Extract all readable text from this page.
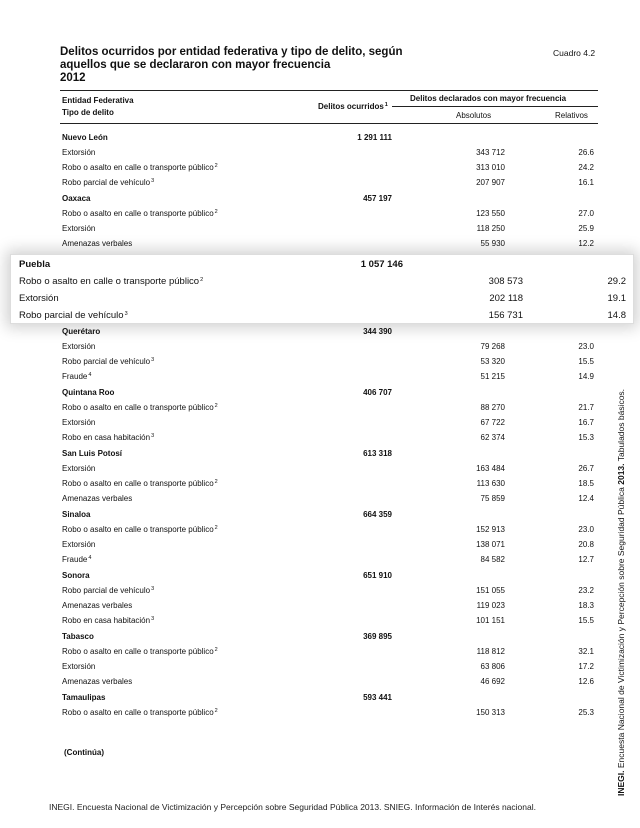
Delitos ocurridos por entidad federativa y tipo de delito, según aquellos que se declararon con mayor frecuencia
2012
Cuadro 4.2
Entidad Federativa
Tipo de delito
Delitos ocurridos$^1$
Delitos declarados con mayor frecuencia
Absolutos	Relativos
Nuevo León	1 291 111
Extorsión	343 712	26.6
Robo o asalto en calle o transporte público$^2$	313 010	24.2
Robo parcial de vehículo$^3$	207 907	16.1
Oaxaca	457 197
Robo o asalto en calle o transporte público$^2$	123 550	27.0
Extorsión	118 250	25.9
Amenazas verbales	55 930	12.2
Puebla	1 057 146
Robo o asalto en calle o transporte público$^2$	308 573	29.2
Extorsión	202 118	19.1
Robo parcial de vehículo$^3$	156 731	14.8
Querétaro	344 390
Extorsión	79 268	23.0
Robo parcial de vehículo$^3$	53 320	15.5
Fraude$^4$	51 215	14.9
Quintana Roo	406 707
Robo o asalto en calle o transporte público$^2$	88 270	21.7
Extorsión	67 722	16.7
Robo en casa habitación$^3$	62 374	15.3
San Luis Potosí	613 318
Extorsión	163 484	26.7
Robo o asalto en calle o transporte público$^2$	113 630	18.5
Amenazas verbales	75 859	12.4
Sinaloa	664 359
Robo o asalto en calle o transporte público$^2$	152 913	23.0
Extorsión	138 071	20.8
Fraude$^4$	84 582	12.7
Sonora	651 910
Robo parcial de vehículo$^3$	151 055	23.2
Amenazas verbales	119 023	18.3
Robo en casa habitación$^3$	101 151	15.5
Tabasco	369 895
Robo o asalto en calle o transporte público$^2$	118 812	32.1
Extorsión	63 806	17.2
Amenazas verbales	46 692	12.6
Tamaulipas	593 441
Robo o asalto en calle o transporte público$^2$	150 313	25.3
(Continúa)
INEGI. Encuesta Nacional de Victimización y Percepción sobre Seguridad Pública 2013. SNIEG. Información de Interés nacional.
INEGI. Encuesta Nacional de Victimización y Percepción sobre Seguridad Pública 2013. Tabulados básicos.
